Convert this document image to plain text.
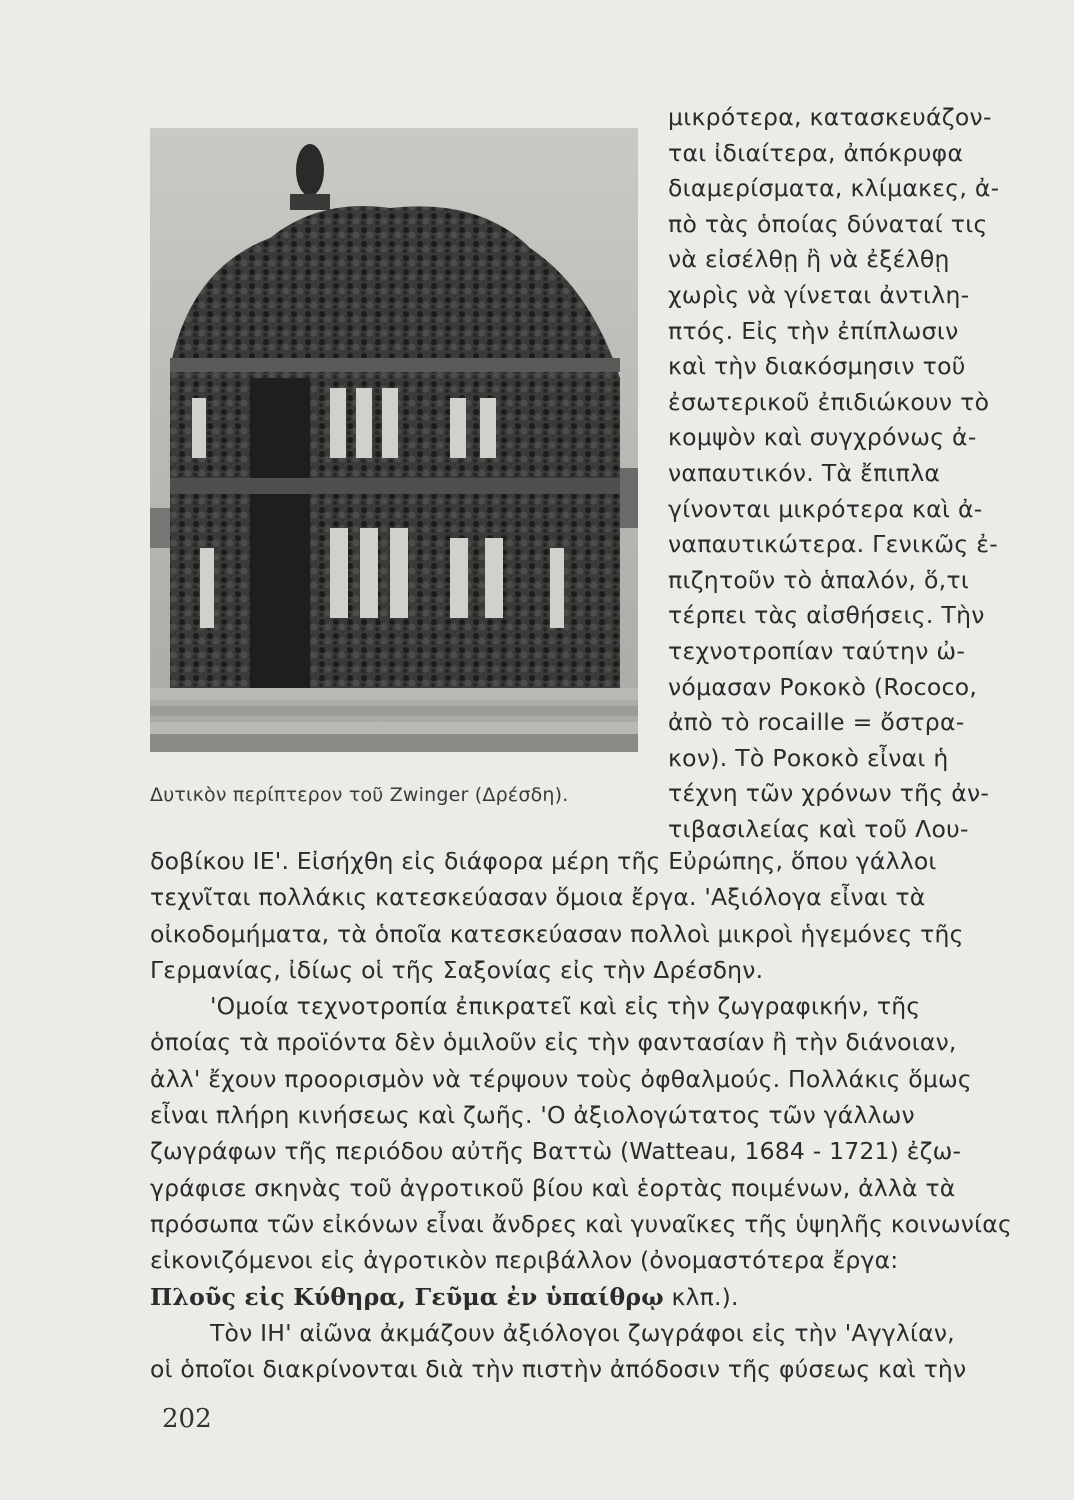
Δυτικὸν περίπτερον τοῦ Zwinger (Δρέσδη).
μικρότερα, κατασκευάζον-
ται ἰδιαίτερα, ἀπόκρυφα
διαμερίσματα, κλίμακες, ἀ-
πὸ τὰς ὁποίας δύναταί τις
νὰ εἰσέλθῃ ἢ νὰ ἐξέλθῃ
χωρὶς νὰ γίνεται ἀντιλη-
πτός. Εἰς τὴν ἐπίπλωσιν
καὶ τὴν διακόσμησιν τοῦ
ἐσωτερικοῦ ἐπιδιώκουν τὸ
κομψὸν καὶ συγχρόνως ἀ-
ναπαυτικόν. Τὰ ἔπιπλα
γίνονται μικρότερα καὶ ἀ-
ναπαυτικώτερα. Γενικῶς ἐ-
πιζητοῦν τὸ ἁπαλόν, ὅ,τι
τέρπει τὰς αἰσθήσεις. Τὴν
τεχνοτροπίαν ταύτην ὠ-
νόμασαν Ροκοκὸ (Rococo,
ἀπὸ τὸ rocaille = ὄστρα-
κον). Τὸ Ροκοκὸ εἶναι ἡ
τέχνη τῶν χρόνων τῆς ἀν-
τιβασιλείας καὶ τοῦ Λου-
δοβίκου ΙΕ'. Εἰσήχθη εἰς διάφορα μέρη τῆς Εὐρώπης, ὅπου γάλλοι
τεχνῖται πολλάκις κατεσκεύασαν ὅμοια ἔργα. 'Αξιόλογα εἶναι τὰ
οἰκοδομήματα, τὰ ὁποῖα κατεσκεύασαν πολλοὶ μικροὶ ἡγεμόνες τῆς
Γερμανίας, ἰδίως οἱ τῆς Σαξονίας εἰς τὴν Δρέσδην.
'Ομοία τεχνοτροπία ἐπικρατεῖ καὶ εἰς τὴν ζωγραφικήν, τῆς
ὁποίας τὰ προϊόντα δὲν ὁμιλοῦν εἰς τὴν φαντασίαν ἢ τὴν διάνοιαν,
ἀλλ' ἔχουν προορισμὸν νὰ τέρψουν τοὺς ὀφθαλμούς. Πολλάκις ὅμως
εἶναι πλήρη κινήσεως καὶ ζωῆς. 'Ο ἀξιολογώτατος τῶν γάλλων
ζωγράφων τῆς περιόδου αὐτῆς Βαττὼ (Watteau, 1684 - 1721) ἐζω-
γράφισε σκηνὰς τοῦ ἀγροτικοῦ βίου καὶ ἑορτὰς ποιμένων, ἀλλὰ τὰ
πρόσωπα τῶν εἰκόνων εἶναι ἄνδρες καὶ γυναῖκες τῆς ὑψηλῆς κοινωνίας
εἰκονιζόμενοι εἰς ἀγροτικὸν περιβάλλον (ὀνομαστότερα ἔργα:
Πλοῦς εἰς Κύθηρα, Γεῦμα ἐν ὑπαίθρῳ κλπ.).
Τὸν ΙΗ' αἰῶνα ἀκμάζουν ἀξιόλογοι ζωγράφοι εἰς τὴν 'Αγγλίαν,
οἱ ὁποῖοι διακρίνονται διὰ τὴν πιστὴν ἀπόδοσιν τῆς φύσεως καὶ τὴν
202
